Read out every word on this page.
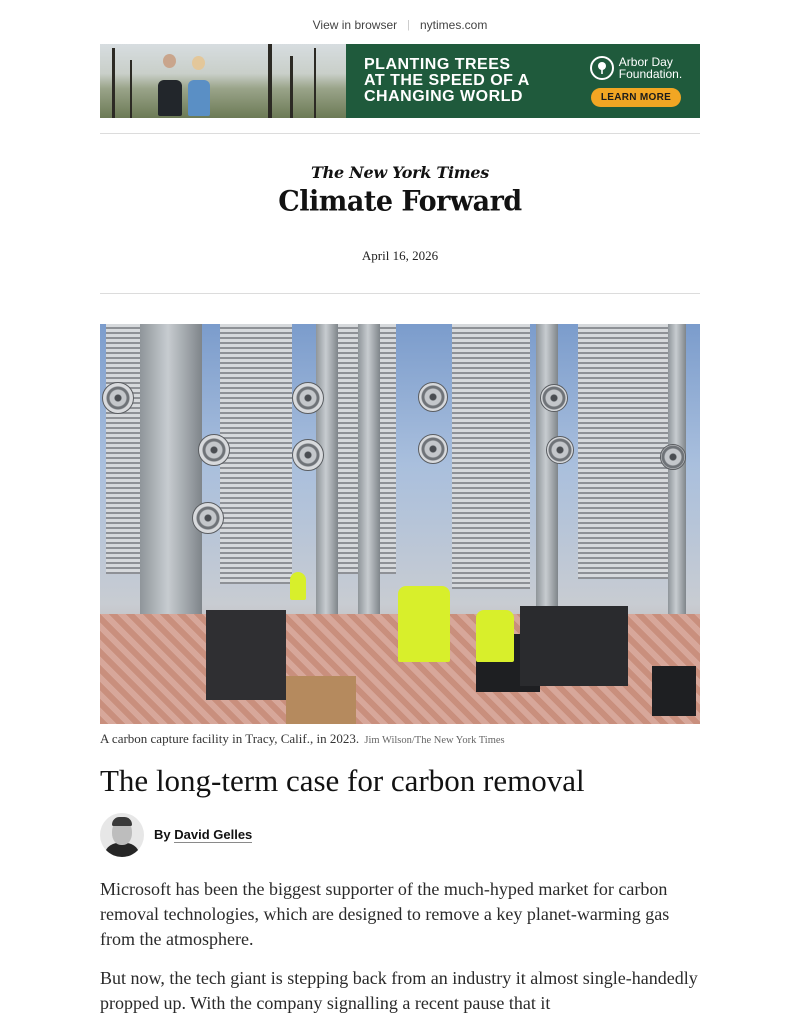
View in browser | nytimes.com
PLANTING TREES
AT THE SPEED OF A
CHANGING WORLD
Arbor Day
Foundation.
LEARN MORE
The New York Times
Climate Forward
April 16, 2026
A carbon capture facility in Tracy, Calif., in 2023. Jim Wilson/The New York Times
The long-term case for carbon removal
By David Gelles

Microsoft has been the biggest supporter of the much-hyped market for carbon removal technologies, which are designed to remove a key planet-warming gas from the atmosphere.

But now, the tech giant is stepping back from an industry it almost single-handedly propped up. With the company signalling a recent pause that it
